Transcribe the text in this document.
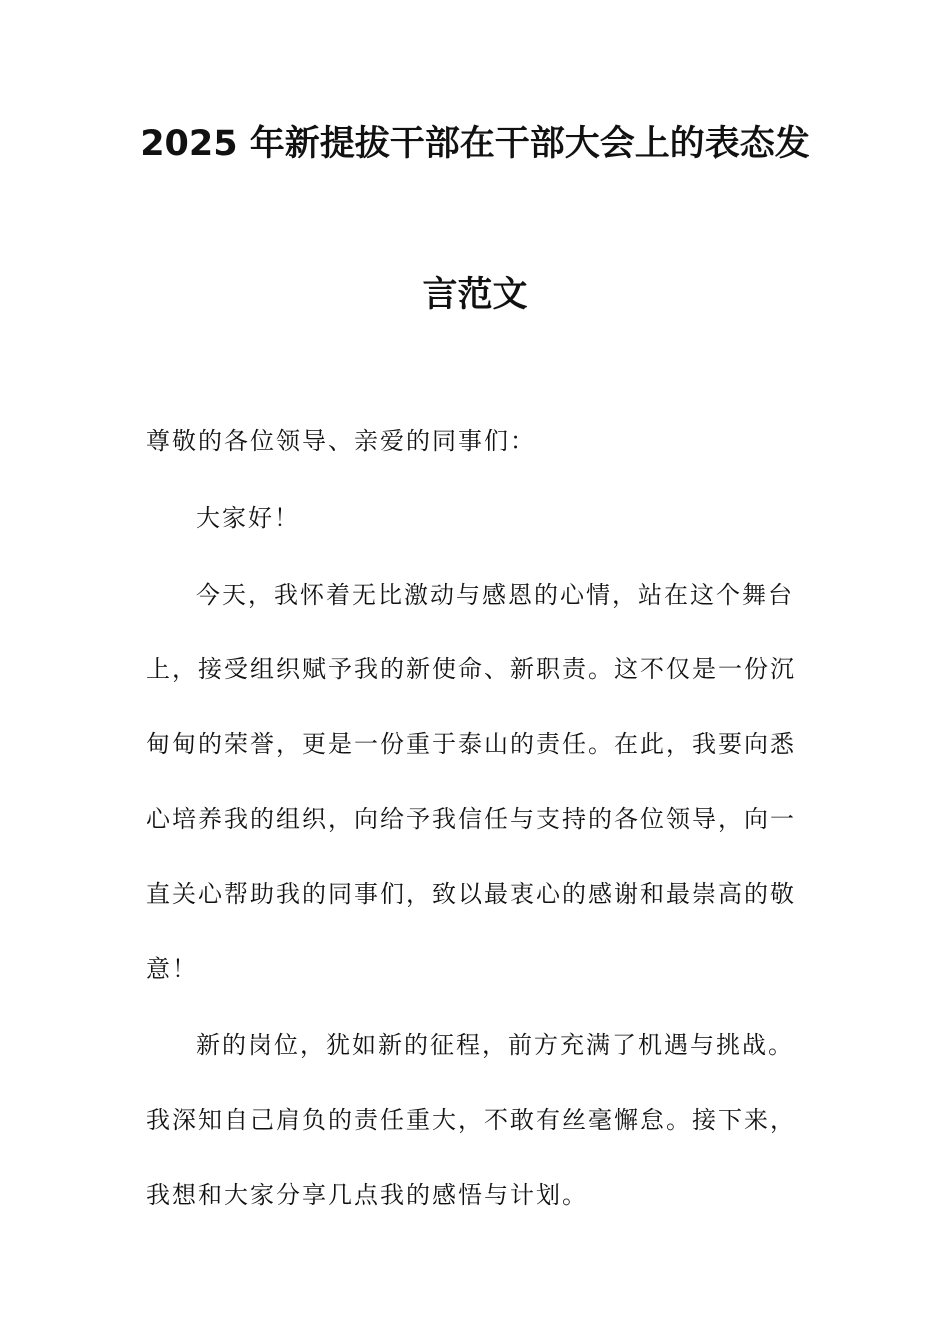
2025 年新提拔干部在干部大会上的表态发
言范文
尊敬的各位领导、亲爱的同事们：
大家好！
今天，我怀着无比激动与感恩的心情，站在这个舞台
上，接受组织赋予我的新使命、新职责。这不仅是一份沉
甸甸的荣誉，更是一份重于泰山的责任。在此，我要向悉
心培养我的组织，向给予我信任与支持的各位领导，向一
直关心帮助我的同事们，致以最衷心的感谢和最崇高的敬
意！
新的岗位，犹如新的征程，前方充满了机遇与挑战。
我深知自己肩负的责任重大，不敢有丝毫懈怠。接下来，
我想和大家分享几点我的感悟与计划。
